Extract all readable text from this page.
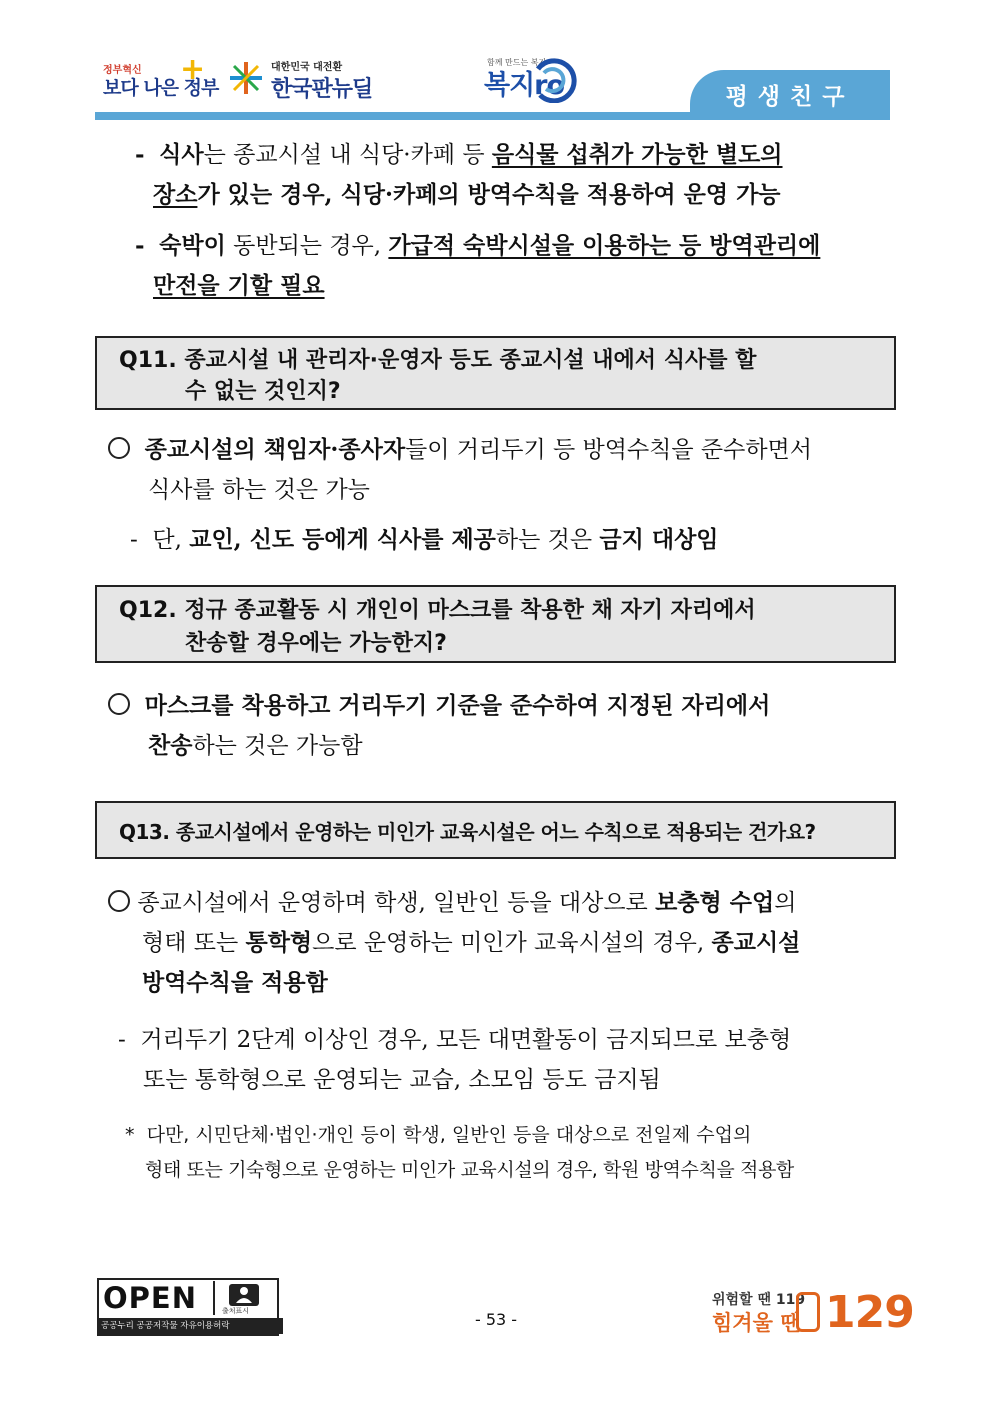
정부혁신
보다 나은 정부
+	대한민국 대전환
한국판뉴딜
함께 만드는 복지
복지ro	평생친구
- 식사는 종교시설 내 식당·카페 등 음식물 섭취가 가능한 별도의
장소가 있는 경우, 식당·카페의 방역수칙을 적용하여 운영 가능
- 숙박이 동반되는 경우, 가급적 숙박시설을 이용하는 등 방역관리에
만전을 기할 필요
Q11. 종교시설 내 관리자·운영자 등도 종교시설 내에서 식사를 할
수 없는 것인지?
종교시설의 책임자·종사자들이 거리두기 등 방역수칙을 준수하면서
식사를 하는 것은 가능
- 단, 교인, 신도 등에게 식사를 제공하는 것은 금지 대상임
Q12. 정규 종교활동 시 개인이 마스크를 착용한 채 자기 자리에서
찬송할 경우에는 가능한지?
마스크를 착용하고 거리두기 기준을 준수하여 지정된 자리에서
찬송하는 것은 가능함
Q13. 종교시설에서 운영하는 미인가 교육시설은 어느 수칙으로 적용되는 건가요?
종교시설에서 운영하며 학생, 일반인 등을 대상으로 보충형 수업의
형태 또는 통학형으로 운영하는 미인가 교육시설의 경우, 종교시설
방역수칙을 적용함
- 거리두기 2단계 이상인 경우, 모든 대면활동이 금지되므로 보충형
또는 통학형으로 운영되는 교습, 소모임 등도 금지됨
* 다만, 시민단체·법인·개인 등이 학생, 일반인 등을 대상으로 전일제 수업의
형태 또는 기숙형으로 운영하는 미인가 교육시설의 경우, 학원 방역수칙을 적용함
OPEN	출처표시
공공누리 공공저작물 자유이용허락	- 53 -
위험할 땐 119
힘겨울 땐 129
